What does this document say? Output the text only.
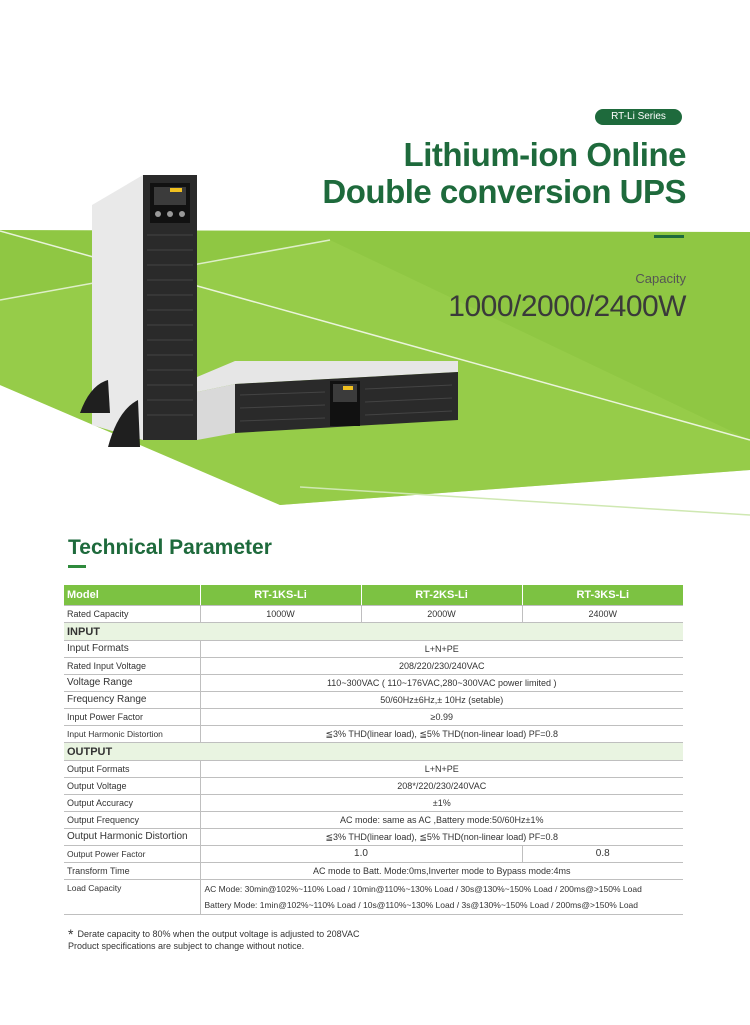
RT-Li Series
Lithium-ion Online
Double conversion UPS
Capacity
1000/2000/2400W
Technical Parameter
Model	RT-1KS-Li	RT-2KS-Li	RT-3KS-Li
Rated Capacity	1000W	2000W	2400W
INPUT			
Input Formats	L+N+PE		
Rated Input Voltage	208/220/230/240VAC		
Voltage Range	110~300VAC ( 110~176VAC,280~300VAC power limited )		
Frequency Range	50/60Hz±6Hz,± 10Hz (setable)		
Input Power Factor	≥0.99		
Input Harmonic Distortion	≦3% THD(linear load), ≦5% THD(non-linear load) PF=0.8		
OUTPUT			
Output Formats	L+N+PE		
Output Voltage	208*/220/230/240VAC		
Output Accuracy	±1%		
Output Frequency	AC mode: same as AC ,Battery mode:50/60Hz±1%		
Output Harmonic Distortion	≦3% THD(linear load), ≦5% THD(non-linear load) PF=0.8		
Output Power Factor	1.0		0.8
Transform Time	AC mode to Batt. Mode:0ms,Inverter mode to Bypass mode:4ms		
Load Capacity	AC Mode: 30min@102%~110% Load / 10min@110%~130% Load / 30s@130%~150% Load / 200ms@>150% Load
Battery Mode: 1min@102%~110% Load / 10s@110%~130% Load / 3s@130%~150% Load / 200ms@>150% Load		
* Derate capacity to 80% when the output voltage is adjusted to 208VAC
Product specifications are subject to change without notice.
